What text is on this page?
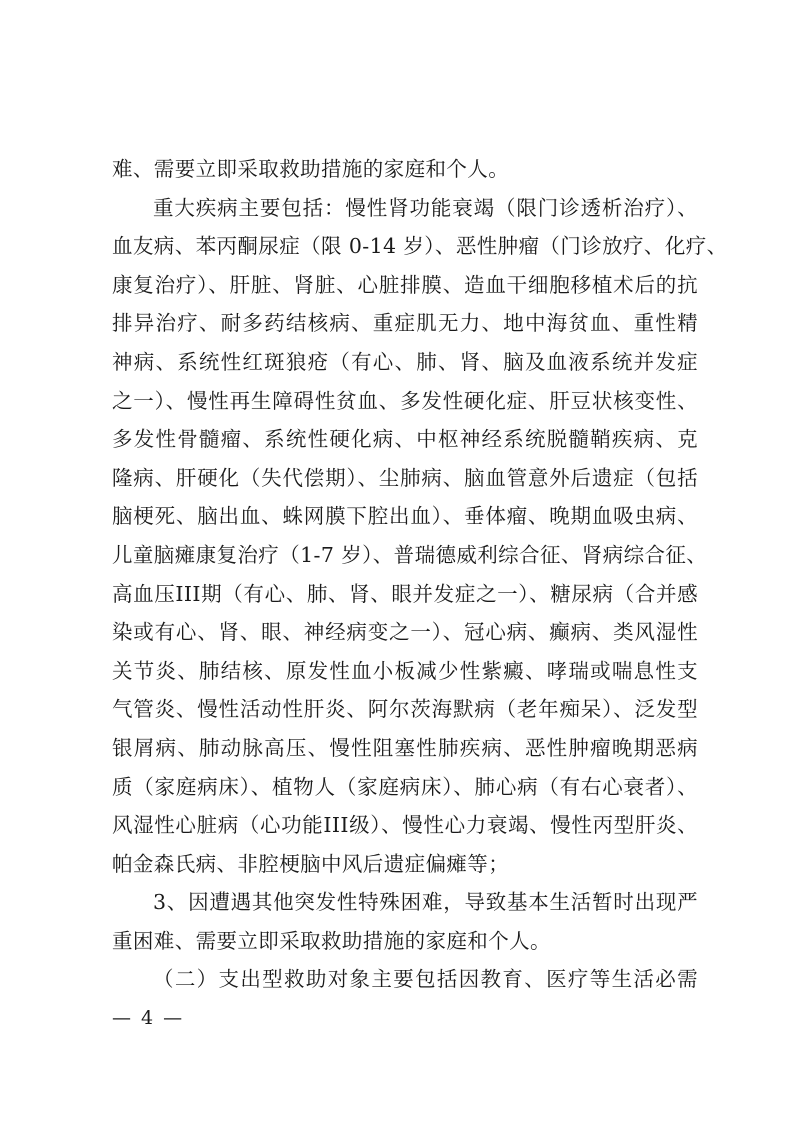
难、需要立即采取救助措施的家庭和个人。
重大疾病主要包括：慢性肾功能衰竭（限门诊透析治疗）、
血友病、苯丙酮尿症（限 0-14 岁）、恶性肿瘤（门诊放疗、化疗、
康复治疗）、肝脏、肾脏、心脏排膜、造血干细胞移植术后的抗
排异治疗、耐多药结核病、重症肌无力、地中海贫血、重性精
神病、系统性红斑狼疮（有心、肺、肾、脑及血液系统并发症
之一）、慢性再生障碍性贫血、多发性硬化症、肝豆状核变性、
多发性骨髓瘤、系统性硬化病、中枢神经系统脱髓鞘疾病、克
隆病、肝硬化（失代偿期）、尘肺病、脑血管意外后遗症（包括
脑梗死、脑出血、蛛网膜下腔出血）、垂体瘤、晚期血吸虫病、
儿童脑瘫康复治疗（1-7 岁）、普瑞德威利综合征、肾病综合征、
高血压III期（有心、肺、肾、眼并发症之一）、糖尿病（合并感
染或有心、肾、眼、神经病变之一）、冠心病、癫病、类风湿性
关节炎、肺结核、原发性血小板减少性紫癜、哮瑞或喘息性支
气管炎、慢性活动性肝炎、阿尔茨海默病（老年痴呆）、泛发型
银屑病、肺动脉高压、慢性阻塞性肺疾病、恶性肿瘤晚期恶病
质（家庭病床）、植物人（家庭病床）、肺心病（有右心衰者）、
风湿性心脏病（心功能III级）、慢性心力衰竭、慢性丙型肝炎、
帕金森氏病、非腔梗脑中风后遗症偏瘫等；
3、因遭遇其他突发性特殊困难，导致基本生活暂时出现严
重困难、需要立即采取救助措施的家庭和个人。
（二）支出型救助对象主要包括因教育、医疗等生活必需
— 4 —
